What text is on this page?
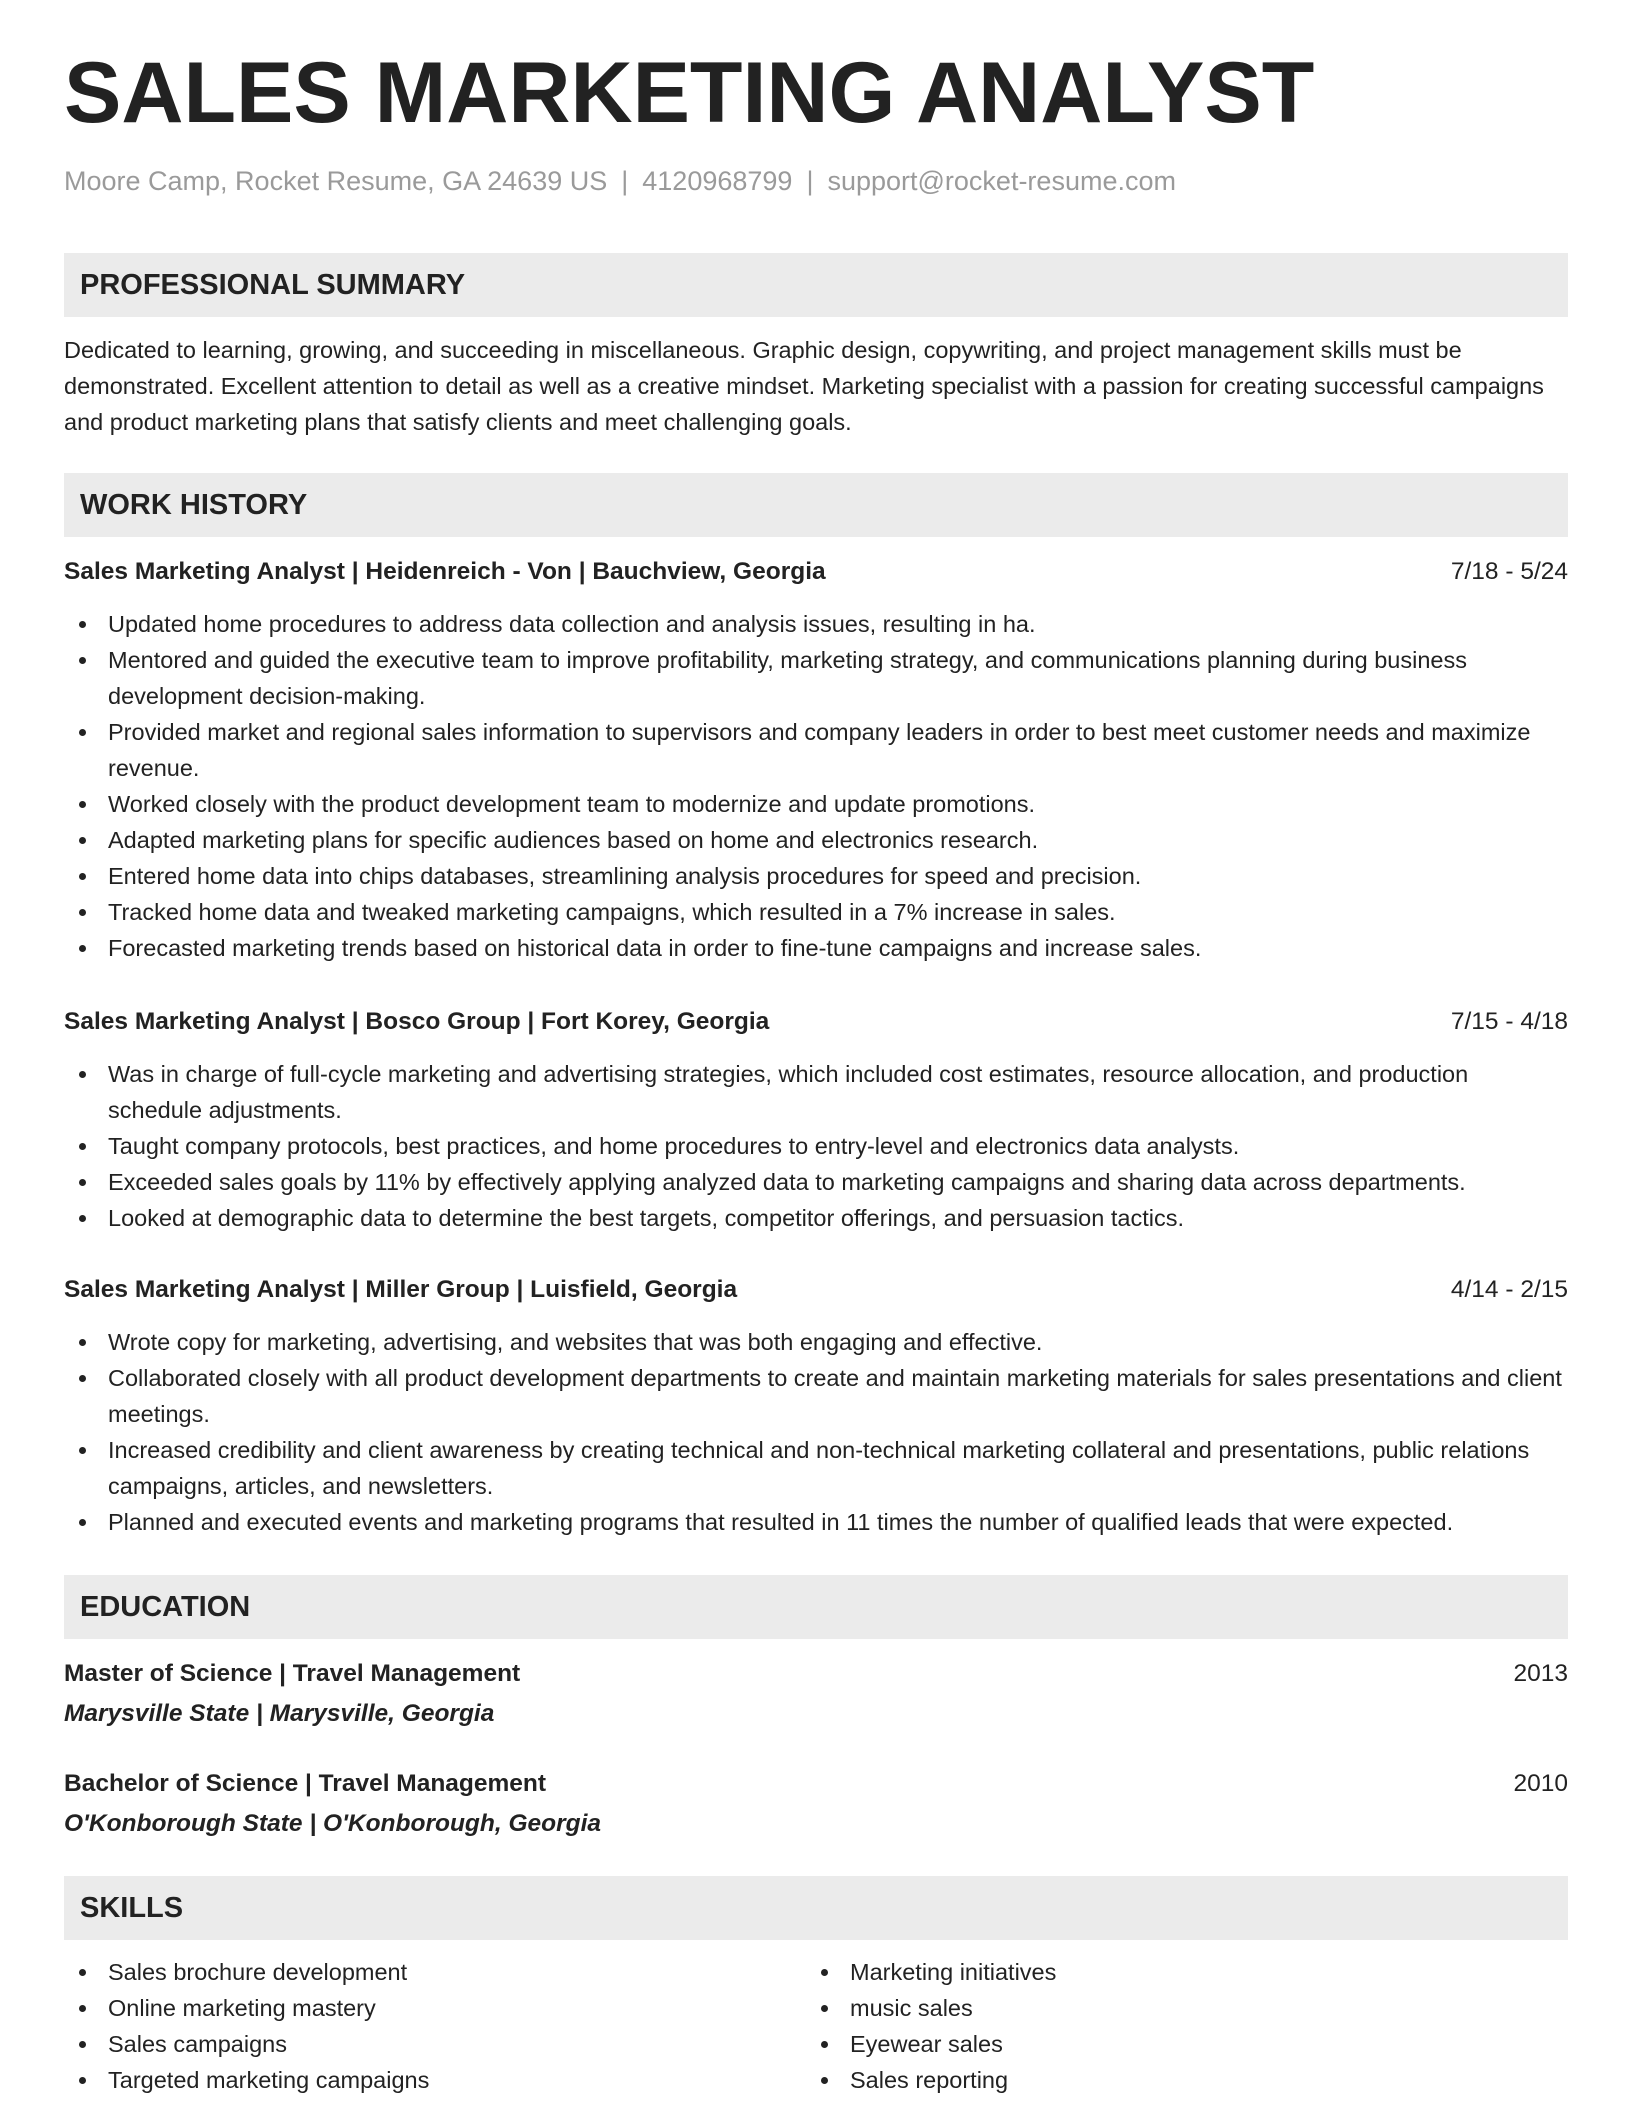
SALES MARKETING ANALYST
Moore Camp, Rocket Resume, GA 24639 US | 4120968799 | support@rocket-resume.com
PROFESSIONAL SUMMARY

Dedicated to learning, growing, and succeeding in miscellaneous. Graphic design, copywriting, and project management skills must be demonstrated. Excellent attention to detail as well as a creative mindset. Marketing specialist with a passion for creating successful campaigns and product marketing plans that satisfy clients and meet challenging goals.

WORK HISTORY
Sales Marketing Analyst | Heidenreich - Von | Bauchview, Georgia	7/18 - 5/24
Updated home procedures to address data collection and analysis issues, resulting in ha.
Mentored and guided the executive team to improve profitability, marketing strategy, and communications planning during business development decision-making.
Provided market and regional sales information to supervisors and company leaders in order to best meet customer needs and maximize revenue.
Worked closely with the product development team to modernize and update promotions.
Adapted marketing plans for specific audiences based on home and electronics research.
Entered home data into chips databases, streamlining analysis procedures for speed and precision.
Tracked home data and tweaked marketing campaigns, which resulted in a 7% increase in sales.
Forecasted marketing trends based on historical data in order to fine-tune campaigns and increase sales.
Sales Marketing Analyst | Bosco Group | Fort Korey, Georgia	7/15 - 4/18
Was in charge of full-cycle marketing and advertising strategies, which included cost estimates, resource allocation, and production schedule adjustments.
Taught company protocols, best practices, and home procedures to entry-level and electronics data analysts.
Exceeded sales goals by 11% by effectively applying analyzed data to marketing campaigns and sharing data across departments.
Looked at demographic data to determine the best targets, competitor offerings, and persuasion tactics.
Sales Marketing Analyst | Miller Group | Luisfield, Georgia	4/14 - 2/15
Wrote copy for marketing, advertising, and websites that was both engaging and effective.
Collaborated closely with all product development departments to create and maintain marketing materials for sales presentations and client meetings.
Increased credibility and client awareness by creating technical and non-technical marketing collateral and presentations, public relations campaigns, articles, and newsletters.
Planned and executed events and marketing programs that resulted in 11 times the number of qualified leads that were expected.
EDUCATION
Master of Science | Travel Management	2013
Marysville State | Marysville, Georgia
Bachelor of Science | Travel Management	2010
O'Konborough State | O'Konborough, Georgia
SKILLS
Sales brochure development
Online marketing mastery
Sales campaigns
Targeted marketing campaigns
Marketing initiatives
music sales
Eyewear sales
Sales reporting
